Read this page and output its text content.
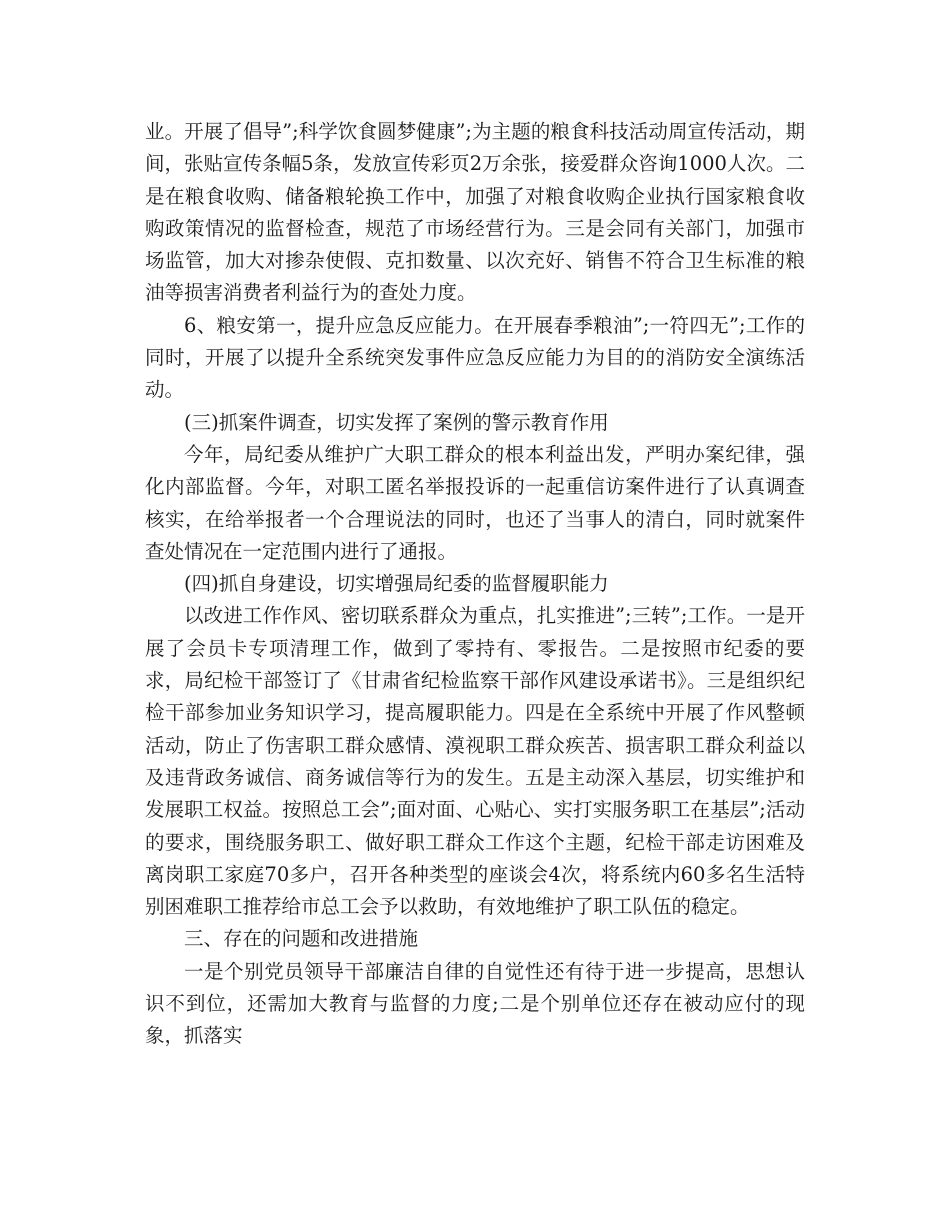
业。开展了倡导”;科学饮食圆梦健康”;为主题的粮食科技活动周宣传活动，期间，张贴宣传条幅5条，发放宣传彩页2万余张，接爱群众咨询1000人次。二是在粮食收购、储备粮轮换工作中，加强了对粮食收购企业执行国家粮食收购政策情况的监督检查，规范了市场经营行为。三是会同有关部门，加强市场监管，加大对掺杂使假、克扣数量、以次充好、销售不符合卫生标准的粮油等损害消费者利益行为的查处力度。

6、粮安第一，提升应急反应能力。在开展春季粮油”;一符四无”;工作的同时，开展了以提升全系统突发事件应急反应能力为目的的消防安全演练活动。

(三)抓案件调查，切实发挥了案例的警示教育作用

今年，局纪委从维护广大职工群众的根本利益出发，严明办案纪律，强化内部监督。今年，对职工匿名举报投诉的一起重信访案件进行了认真调查核实，在给举报者一个合理说法的同时，也还了当事人的清白，同时就案件查处情况在一定范围内进行了通报。

(四)抓自身建设，切实增强局纪委的监督履职能力

以改进工作作风、密切联系群众为重点，扎实推进”;三转”;工作。一是开展了会员卡专项清理工作，做到了零持有、零报告。二是按照市纪委的要求，局纪检干部签订了《甘肃省纪检监察干部作风建设承诺书》。三是组织纪检干部参加业务知识学习，提高履职能力。四是在全系统中开展了作风整顿活动，防止了伤害职工群众感情、漠视职工群众疾苦、损害职工群众利益以及违背政务诚信、商务诚信等行为的发生。五是主动深入基层，切实维护和发展职工权益。按照总工会”;面对面、心贴心、实打实服务职工在基层”;活动的要求，围绕服务职工、做好职工群众工作这个主题，纪检干部走访困难及离岗职工家庭70多户，召开各种类型的座谈会4次，将系统内60多名生活特别困难职工推荐给市总工会予以救助，有效地维护了职工队伍的稳定。

三、存在的问题和改进措施

一是个别党员领导干部廉洁自律的自觉性还有待于进一步提高，思想认识不到位，还需加大教育与监督的力度;二是个别单位还存在被动应付的现象，抓落实
